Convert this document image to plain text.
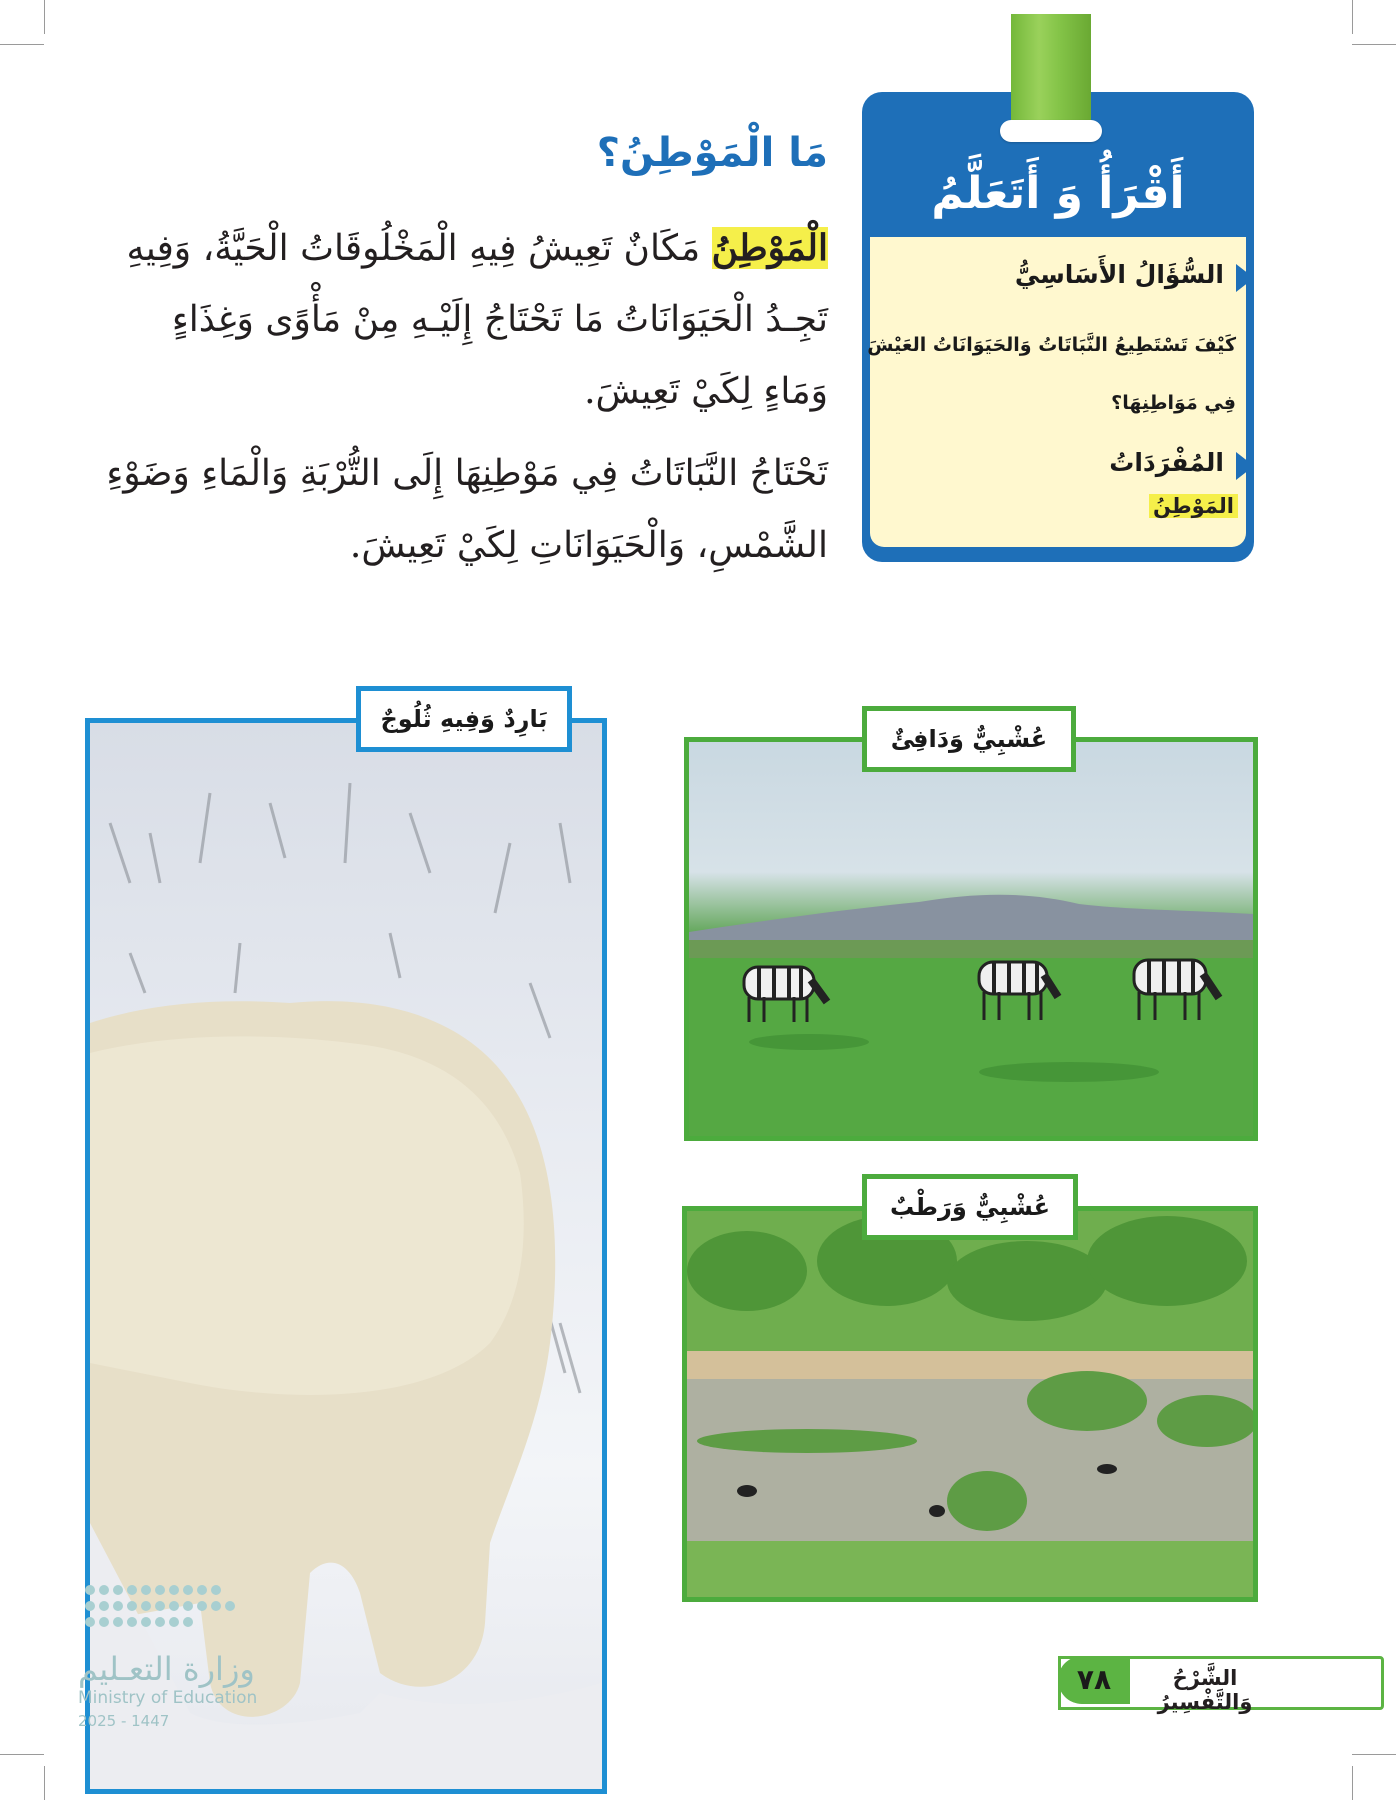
أَقْرَأُ وَ أَتَعَلَّمُ
السُّؤَالُ الأَسَاسِيُّ
كَيْفَ تَسْتَطِيعُ النَّبَاتَاتُ وَالحَيَوَانَاتُ العَيْشَ
فِي مَوَاطِنِهَا؟
المُفْرَدَاتُ
المَوْطِنُ
مَا الْمَوْطِنُ؟
الْمَوْطِنُ مَكَانٌ تَعِيشُ فِيهِ الْمَخْلُوقَاتُ الْحَيَّةُ، وَفِيهِ
تَجِـدُ الْحَيَوَانَاتُ مَا تَحْتَاجُ إِلَيْـهِ مِنْ مَأْوًى وَغِذَاءٍ
وَمَاءٍ لِكَيْ تَعِيشَ.
تَحْتَاجُ النَّبَاتَاتُ فِي مَوْطِنِهَا إِلَى التُّرْبَةِ وَالْمَاءِ وَضَوْءِ
الشَّمْسِ، وَالْحَيَوَانَاتِ لِكَيْ تَعِيشَ.
بَارِدٌ وَفِيهِ ثُلُوجٌ
عُشْبِيٌّ وَدَافِئٌ
عُشْبِيٌّ وَرَطْبٌ
وزارة التعـليم
Ministry of Education
2025 - 1447
٧٨	الشَّرْحُ وَالتَّفْسِيرُ
